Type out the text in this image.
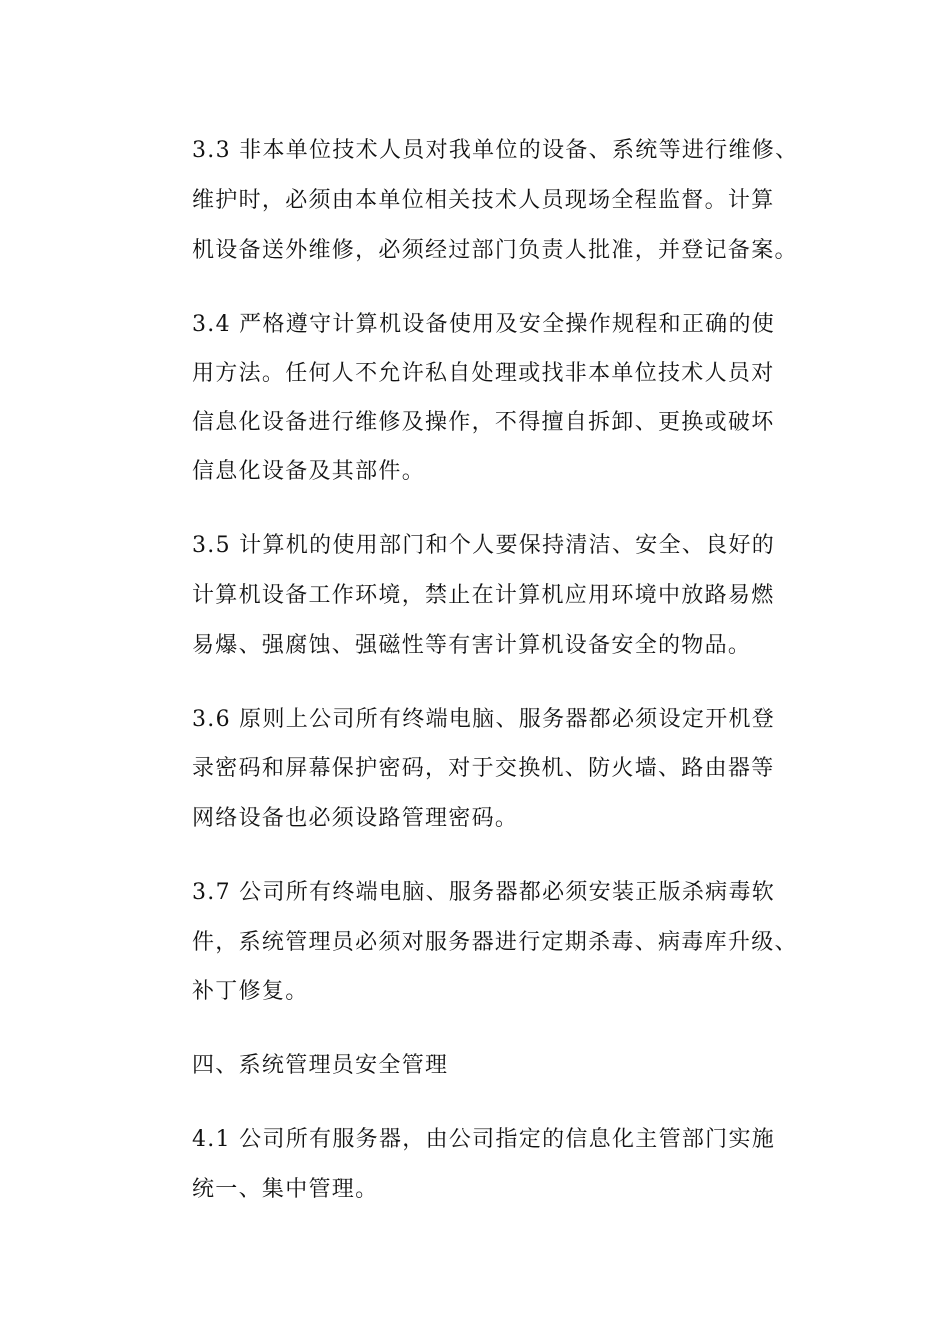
3.3 非本单位技术人员对我单位的设备、系统等进行维修、
维护时，必须由本单位相关技术人员现场全程监督。计算
机设备送外维修，必须经过部门负责人批准，并登记备案。
3.4 严格遵守计算机设备使用及安全操作规程和正确的使
用方法。任何人不允许私自处理或找非本单位技术人员对
信息化设备进行维修及操作，不得擅自拆卸、更换或破坏
信息化设备及其部件。
3.5 计算机的使用部门和个人要保持清洁、安全、良好的
计算机设备工作环境，禁止在计算机应用环境中放路易燃
易爆、强腐蚀、强磁性等有害计算机设备安全的物品。
3.6 原则上公司所有终端电脑、服务器都必须设定开机登
录密码和屏幕保护密码，对于交换机、防火墙、路由器等
网络设备也必须设路管理密码。
3.7 公司所有终端电脑、服务器都必须安装正版杀病毒软
件，系统管理员必须对服务器进行定期杀毒、病毒库升级、
补丁修复。
四、系统管理员安全管理
4.1 公司所有服务器，由公司指定的信息化主管部门实施
统一、集中管理。
